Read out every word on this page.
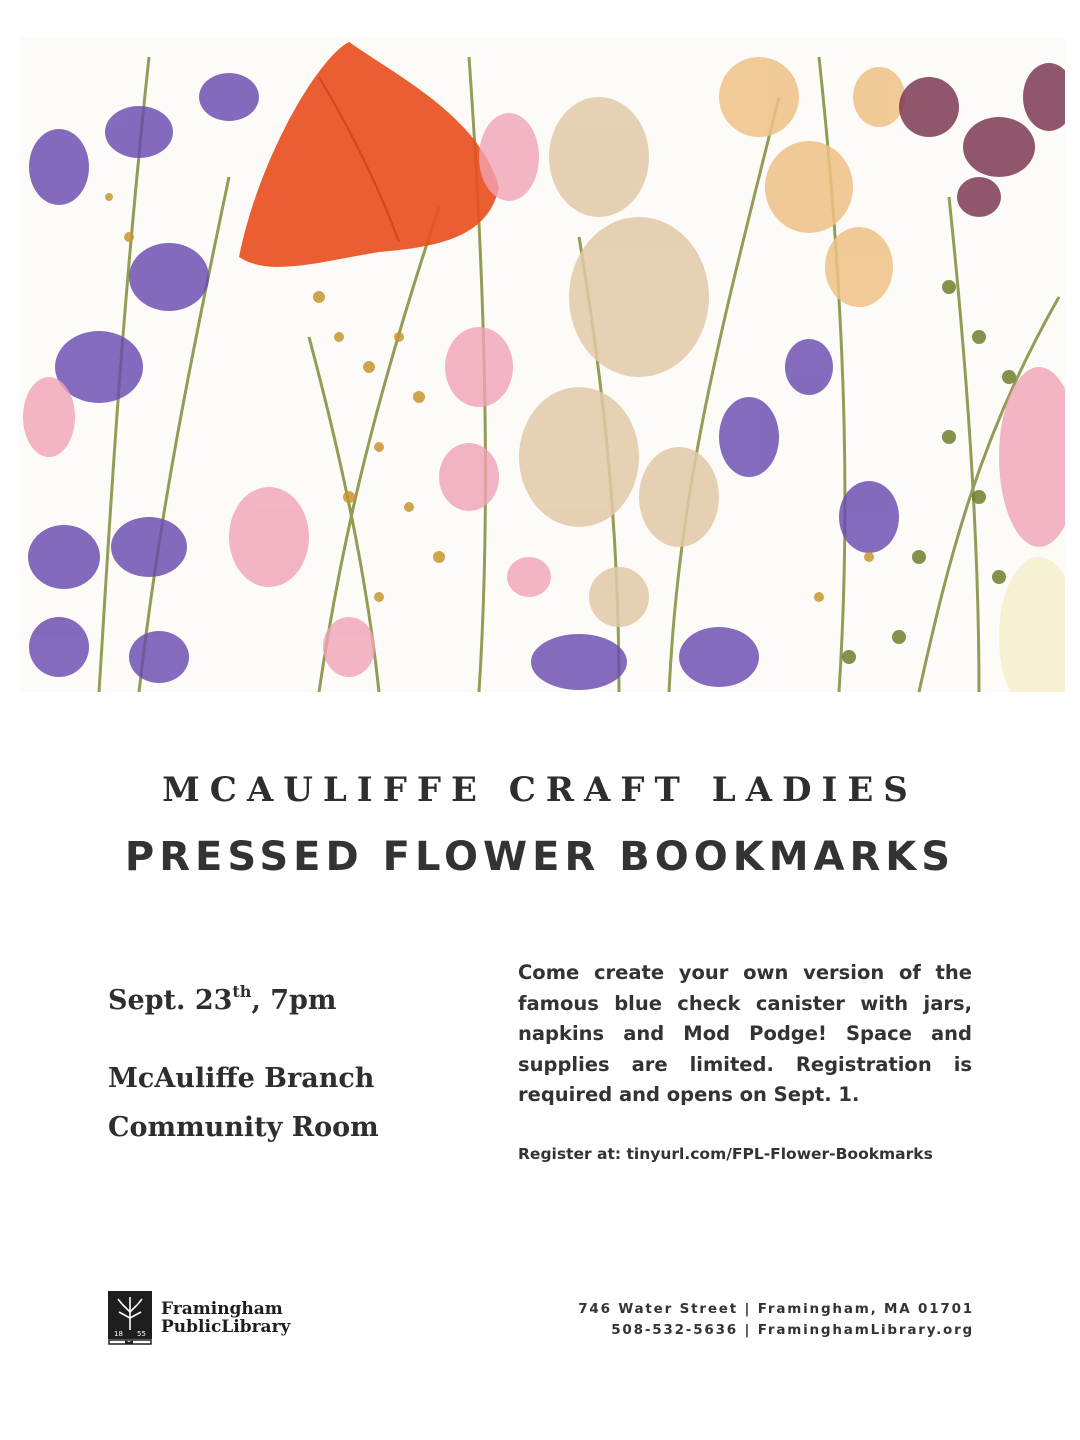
MCAULIFFE CRAFT LADIES
PRESSED FLOWER BOOKMARKS
Sept. 23th, 7pm
McAuliffe Branch
Community Room
Come create your own version of the famous blue check canister with jars, napkins and Mod Podge! Space and supplies are limited. Registration is required and opens on Sept. 1.
Register at: tinyurl.com/FPL-Flower-Bookmarks
18 55
Framingham
PublicLibrary
746 Water Street | Framingham, MA 01701
508-532-5636 | FraminghamLibrary.org
